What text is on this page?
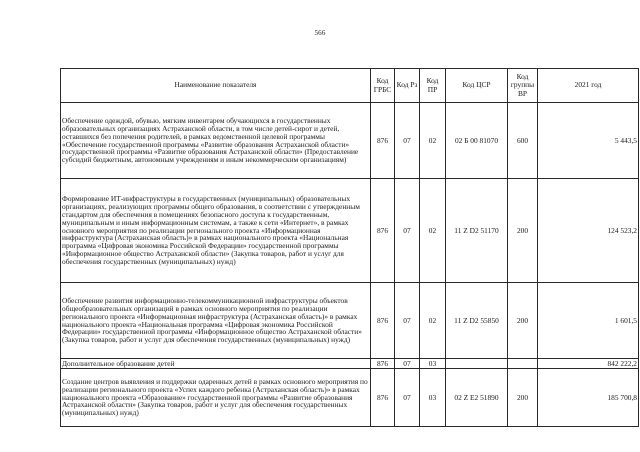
566
Наименование показателя	Код ГРБС	Код Рз	Код ПР	Код ЦСР	Код группы ВР	2021 год
Обеспечение одеждой, обувью, мягким инвентарем обучающихся в государственных образовательных организациях Астраханской области, в том числе детей-сирот и детей, оставшихся без попечения родителей, в рамках ведомственной целевой программы «Обеспечение государственной программы «Развитие образования Астраханской области» государственной программы «Развитие образования Астраханской области» (Предоставление субсидий бюджетным, автономным учреждениям и иным некоммерческим организациям)	876	07	02	02 Б 00 81070	600	5 443,5
Формирование ИТ-инфраструктуры в государственных (муниципальных) образовательных организациях, реализующих программы общего образования, в соответствии с утвержденным стандартом для обеспечения в помещениях безопасного доступа к государственным, муниципальным и иным информационным системам, а также к сети «Интернет», в рамках основного мероприятия по реализации регионального проекта «Информационная инфраструктура (Астраханская область)» в рамках национального проекта «Национальная программа «Цифровая экономика Российской Федерации» государственной программы «Информационное общество Астраханской области» (Закупка товаров, работ и услуг для обеспечения государственных (муниципальных) нужд)	876	07	02	11 Z D2 51170	200	124 523,2
Обеспечение развития информационно-телекоммуникационной инфраструктуры объектов общеобразовательных организаций в рамках основного мероприятия по реализации регионального проекта «Информационная инфраструктура (Астраханская область)» в рамках национального проекта «Национальная программа «Цифровая экономика Российской Федерации» государственной программы «Информационное общество Астраханской области» (Закупка товаров, работ и услуг для обеспечения государственных (муниципальных) нужд)	876	07	02	11 Z D2 55850	200	1 601,5
Дополнительное образование детей	876	07	03			842 222,2
Создание центров выявления и поддержки одаренных детей в рамках основного мероприятия по реализации регионального проекта «Успех каждого ребенка (Астраханская область)» в рамках национального проекта «Образование» государственной программы «Развитие образования Астраханской области» (Закупка товаров, работ и услуг для обеспечения государственных (муниципальных) нужд)	876	07	03	02 Z E2 51890	200	185 700,8
